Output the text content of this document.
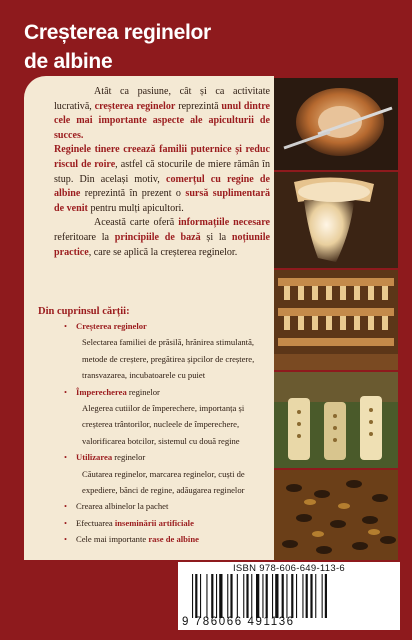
Creșterea reginelor
de albine

Atât ca pasiune, cât și ca activitate lucrativă, creșterea reginelor reprezintă unul dintre cele mai importante aspecte ale apiculturii de succes.

Reginele tinere creează familii puternice și reduc riscul de roire, astfel că stocurile de miere rămân în stup. Din același motiv, comerțul cu regine de albine reprezintă în prezent o sursă suplimentară de venit pentru mulți apicultori.

Această carte oferă informațiile necesare referitoare la principiile de bază și la noțiunile practice, care se aplică la creșterea reginelor.

Din cuprinsul cărții:
• Creșterea reginelor
Selectarea familiei de prăsilă, hrănirea stimulantă, metode de creștere, pregătirea șipcilor de creștere, transvazarea, incubatoarele cu puiet
• Împerecherea reginelor
Alegerea cutiilor de împerechere, importanța și creșterea trântorilor, nucleele de împerechere, valorificarea botcilor, sistemul cu două regine
• Utilizarea reginelor
Căutarea reginelor, marcarea reginelor, cuști de expediere, bănci de regine, adăugarea reginelor
• Crearea albinelor la pachet
• Efectuarea inseminării artificiale
• Cele mai importante rase de albine
ISBN 978-606-649-113-6
9 786066 491136
